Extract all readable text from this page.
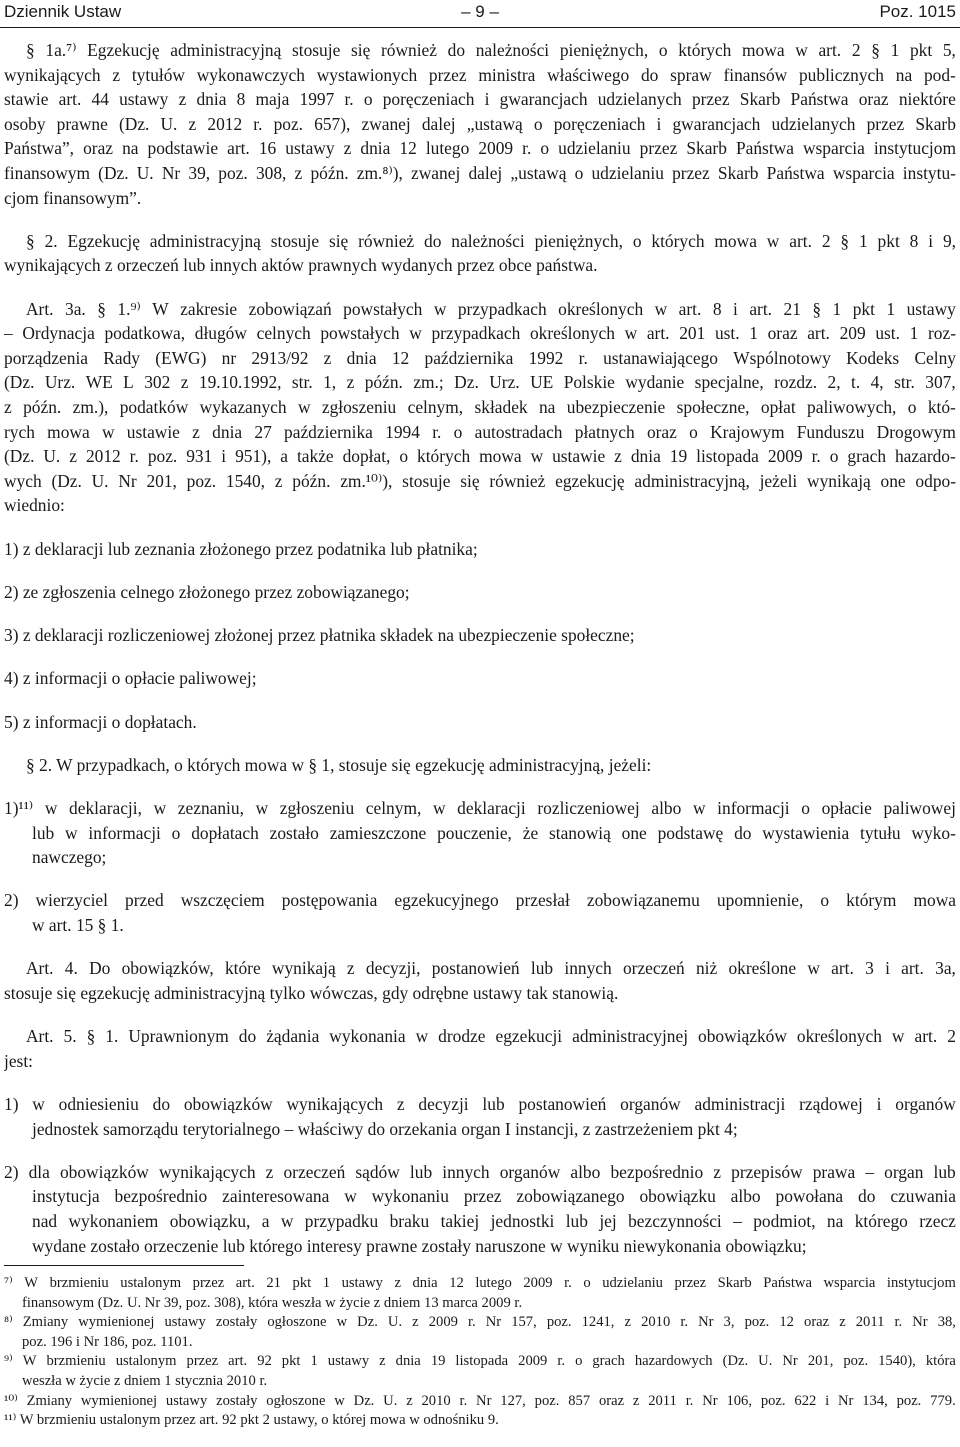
Dziennik Ustaw	– 9 –	Poz. 1015
§ 1a.⁷⁾ Egzekucję administracyjną stosuje się również do należności pieniężnych, o których mowa w art. 2 § 1 pkt 5,
wynikających z tytułów wykonawczych wystawionych przez ministra właściwego do spraw finansów publicznych na pod-
stawie art. 44 ustawy z dnia 8 maja 1997 r. o poręczeniach i gwarancjach udzielanych przez Skarb Państwa oraz niektóre
osoby prawne (Dz. U. z 2012 r. poz. 657), zwanej dalej „ustawą o poręczeniach i gwarancjach udzielanych przez Skarb
Państwa”, oraz na podstawie art. 16 ustawy z dnia 12 lutego 2009 r. o udzielaniu przez Skarb Państwa wsparcia instytucjom
finansowym (Dz. U. Nr 39, poz. 308, z późn. zm.⁸⁾), zwanej dalej „ustawą o udzielaniu przez Skarb Państwa wsparcia instytu-
cjom finansowym”.
§ 2. Egzekucję administracyjną stosuje się również do należności pieniężnych, o których mowa w art. 2 § 1 pkt 8 i 9,
wynikających z orzeczeń lub innych aktów prawnych wydanych przez obce państwa.
Art. 3a. § 1.⁹⁾ W zakresie zobowiązań powstałych w przypadkach określonych w art. 8 i art. 21 § 1 pkt 1 ustawy
– Ordynacja podatkowa, długów celnych powstałych w przypadkach określonych w art. 201 ust. 1 oraz art. 209 ust. 1 roz-
porządzenia Rady (EWG) nr 2913/92 z dnia 12 października 1992 r. ustanawiającego Wspólnotowy Kodeks Celny
(Dz. Urz. WE L 302 z 19.10.1992, str. 1, z późn. zm.; Dz. Urz. UE Polskie wydanie specjalne, rozdz. 2, t. 4, str. 307,
z późn. zm.), podatków wykazanych w zgłoszeniu celnym, składek na ubezpieczenie społeczne, opłat paliwowych, o któ-
rych mowa w ustawie z dnia 27 października 1994 r. o autostradach płatnych oraz o Krajowym Funduszu Drogowym
(Dz. U. z 2012 r. poz. 931 i 951), a także dopłat, o których mowa w ustawie z dnia 19 listopada 2009 r. o grach hazardo-
wych (Dz. U. Nr 201, poz. 1540, z późn. zm.¹⁰⁾), stosuje się również egzekucję administracyjną, jeżeli wynikają one odpo-
wiednio:
1) z deklaracji lub zeznania złożonego przez podatnika lub płatnika;
2) ze zgłoszenia celnego złożonego przez zobowiązanego;
3) z deklaracji rozliczeniowej złożonej przez płatnika składek na ubezpieczenie społeczne;
4) z informacji o opłacie paliwowej;
5) z informacji o dopłatach.
§ 2. W przypadkach, o których mowa w § 1, stosuje się egzekucję administracyjną, jeżeli:
1)¹¹⁾ w deklaracji, w zeznaniu, w zgłoszeniu celnym, w deklaracji rozliczeniowej albo w informacji o opłacie paliwowej
lub w informacji o dopłatach zostało zamieszczone pouczenie, że stanowią one podstawę do wystawienia tytułu wyko-
nawczego;
2) wierzyciel przed wszczęciem postępowania egzekucyjnego przesłał zobowiązanemu upomnienie, o którym mowa
w art. 15 § 1.
Art. 4. Do obowiązków, które wynikają z decyzji, postanowień lub innych orzeczeń niż określone w art. 3 i art. 3a,
stosuje się egzekucję administracyjną tylko wówczas, gdy odrębne ustawy tak stanowią.
Art. 5. § 1. Uprawnionym do żądania wykonania w drodze egzekucji administracyjnej obowiązków określonych w art. 2
jest:
1) w odniesieniu do obowiązków wynikających z decyzji lub postanowień organów administracji rządowej i organów
jednostek samorządu terytorialnego – właściwy do orzekania organ I instancji, z zastrzeżeniem pkt 4;
2) dla obowiązków wynikających z orzeczeń sądów lub innych organów albo bezpośrednio z przepisów prawa – organ lub
instytucja bezpośrednio zainteresowana w wykonaniu przez zobowiązanego obowiązku albo powołana do czuwania
nad wykonaniem obowiązku, a w przypadku braku takiej jednostki lub jej bezczynności – podmiot, na którego rzecz
wydane zostało orzeczenie lub którego interesy prawne zostały naruszone w wyniku niewykonania obowiązku;
⁷⁾ W brzmieniu ustalonym przez art. 21 pkt 1 ustawy z dnia 12 lutego 2009 r. o udzielaniu przez Skarb Państwa wsparcia instytucjom
finansowym (Dz. U. Nr 39, poz. 308), która weszła w życie z dniem 13 marca 2009 r.
⁸⁾ Zmiany wymienionej ustawy zostały ogłoszone w Dz. U. z 2009 r. Nr 157, poz. 1241, z 2010 r. Nr 3, poz. 12 oraz z 2011 r. Nr 38,
poz. 196 i Nr 186, poz. 1101.
⁹⁾ W brzmieniu ustalonym przez art. 92 pkt 1 ustawy z dnia 19 listopada 2009 r. o grach hazardowych (Dz. U. Nr 201, poz. 1540), która
weszła w życie z dniem 1 stycznia 2010 r.
¹⁰⁾ Zmiany wymienionej ustawy zostały ogłoszone w Dz. U. z 2010 r. Nr 127, poz. 857 oraz z 2011 r. Nr 106, poz. 622 i Nr 134, poz. 779.
¹¹⁾ W brzmieniu ustalonym przez art. 92 pkt 2 ustawy, o której mowa w odnośniku 9.
